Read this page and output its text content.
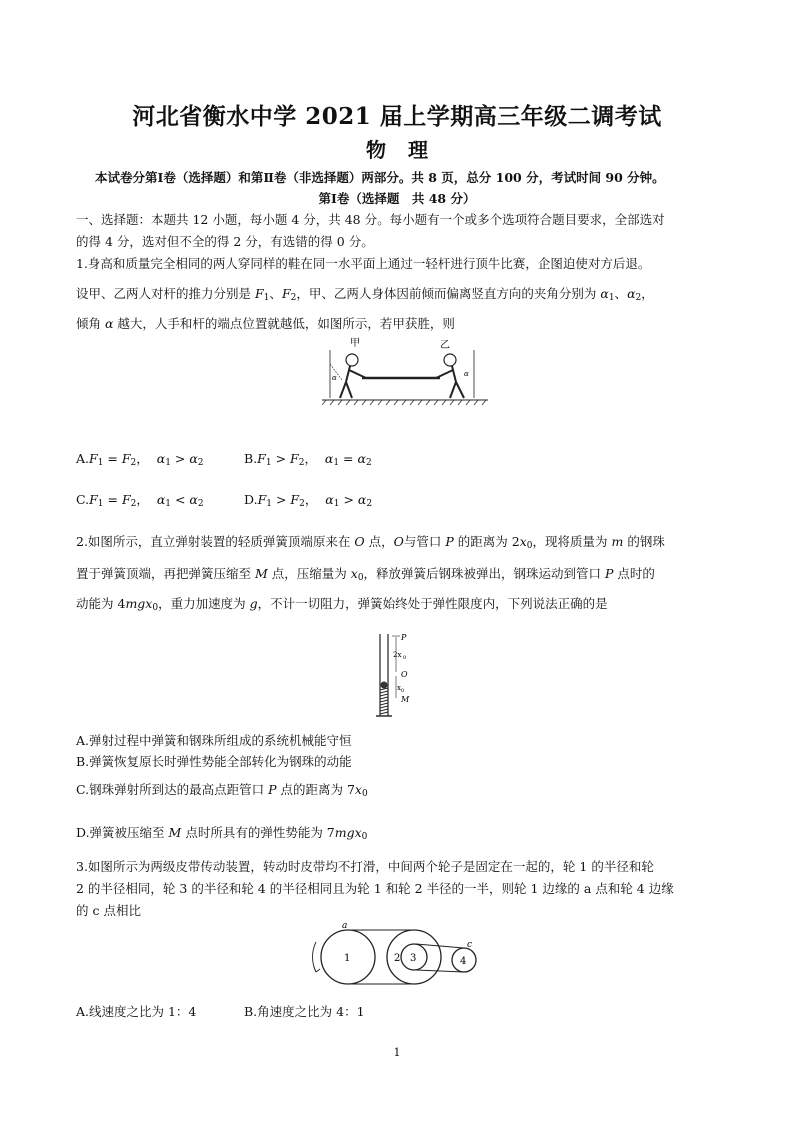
河北省衡水中学 2021 届上学期高三年级二调考试
物理
本试卷分第Ⅰ卷（选择题）和第Ⅱ卷（非选择题）两部分。共 8 页，总分 100 分，考试时间 90 分钟。
第Ⅰ卷（选择题　共 48 分）
一、选择题：本题共 12 小题，每小题 4 分，共 48 分。每小题有一个或多个选项符合题目要求，全部选对
的得 4 分，选对但不全的得 2 分，有选错的得 0 分。
1.身高和质量完全相同的两人穿同样的鞋在同一水平面上通过一轻杆进行顶牛比赛，企图迫使对方后退。
设甲、乙两人对杆的推力分别是 $F_1$、$F_2$，甲、乙两人身体因前倾而偏离竖直方向的夹角分别为 $\alpha_1$、$\alpha_2$，
倾角 α 越大，人手和杆的端点位置就越低，如图所示，若甲获胜，则
甲	乙
α	α
$A.F_1 = F_2$，  $\alpha_1 > \alpha_2$	$B.F_1 > F_2$，  $\alpha_1 = \alpha_2$
$C.F_1 = F_2$，  $\alpha_1 < \alpha_2$	$D.F_1 > F_2$，  $\alpha_1 > \alpha_2$
2.如图所示，直立弹射装置的轻质弹簧顶端原来在 O 点，O与管口 P 的距离为 $2x_0$，现将质量为 m 的钢珠
置于弹簧顶端，再把弹簧压缩至 M 点，压缩量为 $x_0$，释放弹簧后钢珠被弹出，钢珠运动到管口 P 点时的
动能为 4mgx$_0$，重力加速度为 g，不计一切阻力，弹簧始终处于弹性限度内，下列说法正确的是
P
2x 0
O
x 0
M
A.弹射过程中弹簧和钢珠所组成的系统机械能守恒
B.弹簧恢复原长时弹性势能全部转化为钢珠的动能
C.钢珠弹射所到达的最高点距管口 P 点的距离为 $7x_0$
D.弹簧被压缩至 M 点时所具有的弹性势能为 7mgx$_0$
3.如图所示为两级皮带传动装置，转动时皮带均不打滑，中间两个轮子是固定在一起的，轮 1 的半径和轮
2 的半径相同，轮 3 的半径和轮 4 的半径相同且为轮 1 和轮 2 半径的一半，则轮 1 边缘的 a 点和轮 4 边缘
的 c 点相比
1	2 3	4
a
c
A.线速度之比为 1：4	B.角速度之比为 4：1
1
